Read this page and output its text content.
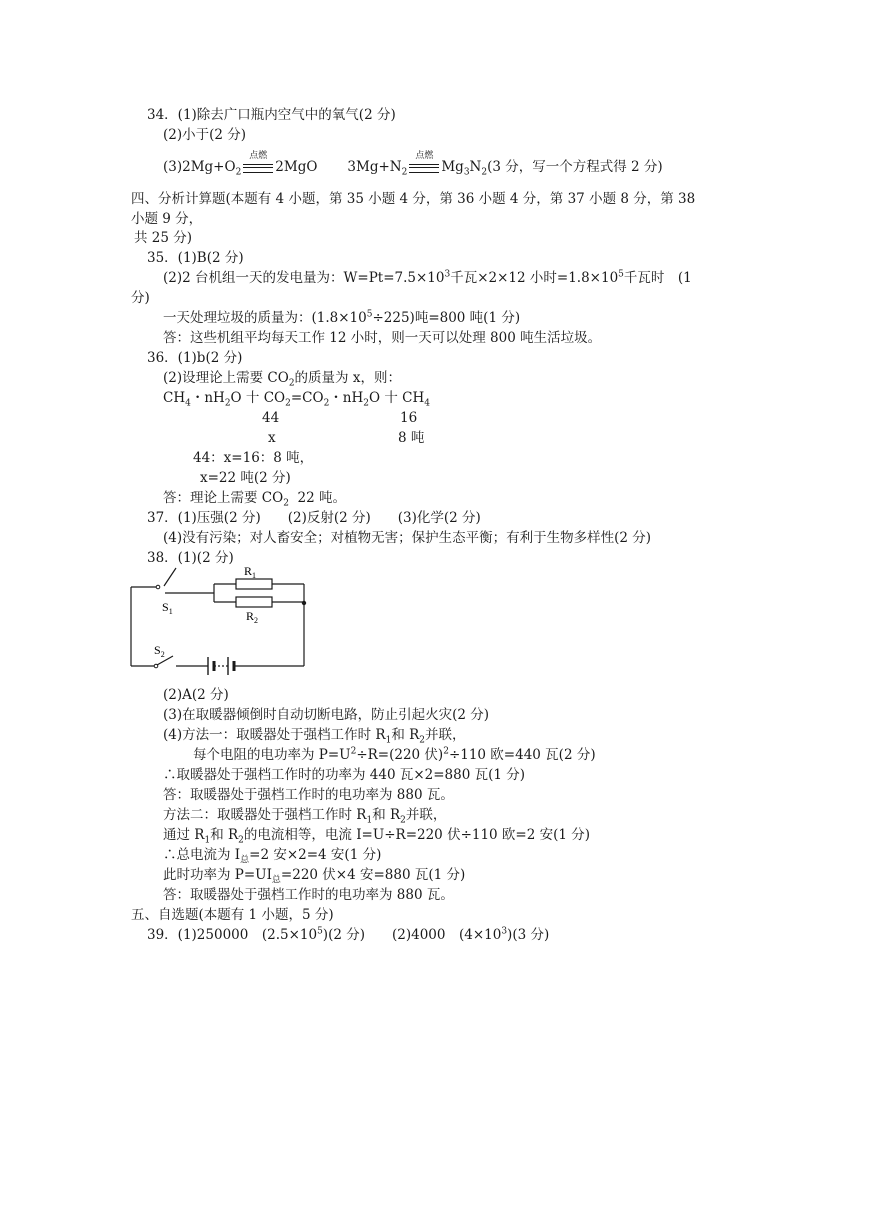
34．(1)除去广口瓶内空气中的氧气(2 分)
(2)小于(2 分)
$(3)2Mg+O_2$
点燃
2MgO $3Mg+N_2$
点燃
$Mg_3N_2(3$ 分，写一个方程式得 2 分)
四、分析计算题(本题有 4 小题，第 35 小题 4 分，第 36 小题 4 分，第 37 小题 8 分，第 38
小题 9 分，
共 25 分)
35．(1)B(2 分)
(2)2 台机组一天的发电量为：$W=Pt=7.5\times 10^3$千瓦×2×12 小时$=1.8\times 10^5$千瓦时　(1
分)
一天处理垃圾的质量为：$(1.8\times 10^5\div 225)$吨=800 吨(1 分)
答：这些机组平均每天工作 12 小时，则一天可以处理 800 吨生活垃圾。
36．(1)b(2 分)
(2)设理论上需要 $CO_2$的质量为 x，则：
$CH_4$・$nH_2O$ 十 $CO_2=CO_2$・$nH_2O$ 十 $CH_4$
44	16
x	8 吨
44：x=16：8 吨，
x=22 吨(2 分)
答：理论上需要 $CO_2$  22 吨。
37．(1)压强(2 分)　　(2)反射(2 分)　　(3)化学(2 分)
(4)没有污染；对人畜安全；对植物无害；保护生态平衡；有利于生物多样性(2 分)
38．(1)(2 分)
$R_1$
$R_2$
$S_1$
$S_2$
(2)A(2 分)
(3)在取暖器倾倒时自动切断电路，防止引起火灾(2 分)
(4)方法一：取暖器处于强档工作时 $R_1$和 $R_2$并联，
每个电阻的电功率为 $P=U^2\div R=(220$ 伏)$^2$÷110 欧=440 瓦(2 分)
∴取暖器处于强档工作时的功率为 440 瓦×2=880 瓦(1 分)
答：取暖器处于强档工作时的电功率为 880 瓦。
方法二：取暖器处于强档工作时 $R_1$和 $R_2$并联，
通过 $R_1$和 $R_2$的电流相等，电流 I=U÷R=220 伏÷110 欧=2 安(1 分)
∴总电流为 $I_总=2$ 安×2=4 安(1 分)
此时功率为 $P=UI_总=220$ 伏×4 安=880 瓦(1 分)
答：取暖器处于强档工作时的电功率为 880 瓦。
五、自选题(本题有 1 小题，5 分)
39．(1)250000　$(2.5\times 10^5)(2$ 分)　　(2)4000　$(4\times 10^3)(3$ 分)
